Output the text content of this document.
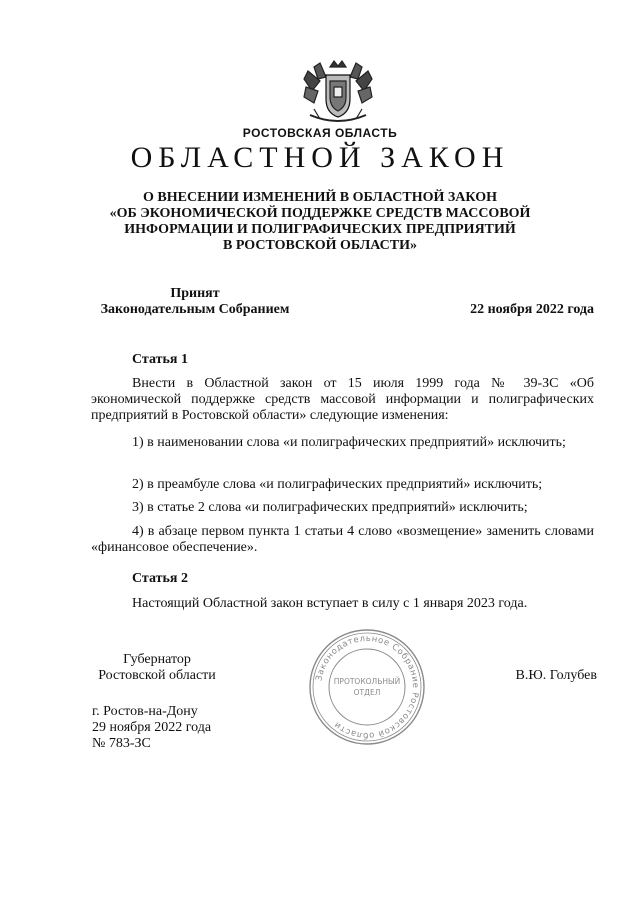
РОСТОВСКАЯ ОБЛАСТЬ
ОБЛАСТНОЙ ЗАКОН
О ВНЕСЕНИИ ИЗМЕНЕНИЙ В ОБЛАСТНОЙ ЗАКОН
«ОБ ЭКОНОМИЧЕСКОЙ ПОДДЕРЖКЕ СРЕДСТВ МАССОВОЙ
ИНФОРМАЦИИ И ПОЛИГРАФИЧЕСКИХ ПРЕДПРИЯТИЙ
В РОСТОВСКОЙ ОБЛАСТИ»
Принят
Законодательным Собранием	22 ноября 2022 года
Статья 1
Внести в Областной закон от 15 июля 1999 года № 39-ЗС «Об экономической поддержке средств массовой информации и полиграфических предприятий в Ростовской области» следующие изменения:
1) в наименовании слова «и полиграфических предприятий» исключить;
2) в преамбуле слова «и полиграфических предприятий» исключить;
3) в статье 2 слова «и полиграфических предприятий» исключить;
4) в абзаце первом пункта 1 статьи 4 слово «возмещение» заменить словами «финансовое обеспечение».
Статья 2
Настоящий Областной закон вступает в силу с 1 января 2023 года.
Губернатор
Ростовской области	В.Ю. Голубев
г. Ростов-на-Дону
29 ноября 2022 года
№ 783-ЗС
Законодательное Собрание Ростовской области
ПРОТОКОЛЬНЫЙ
ОТДЕЛ
